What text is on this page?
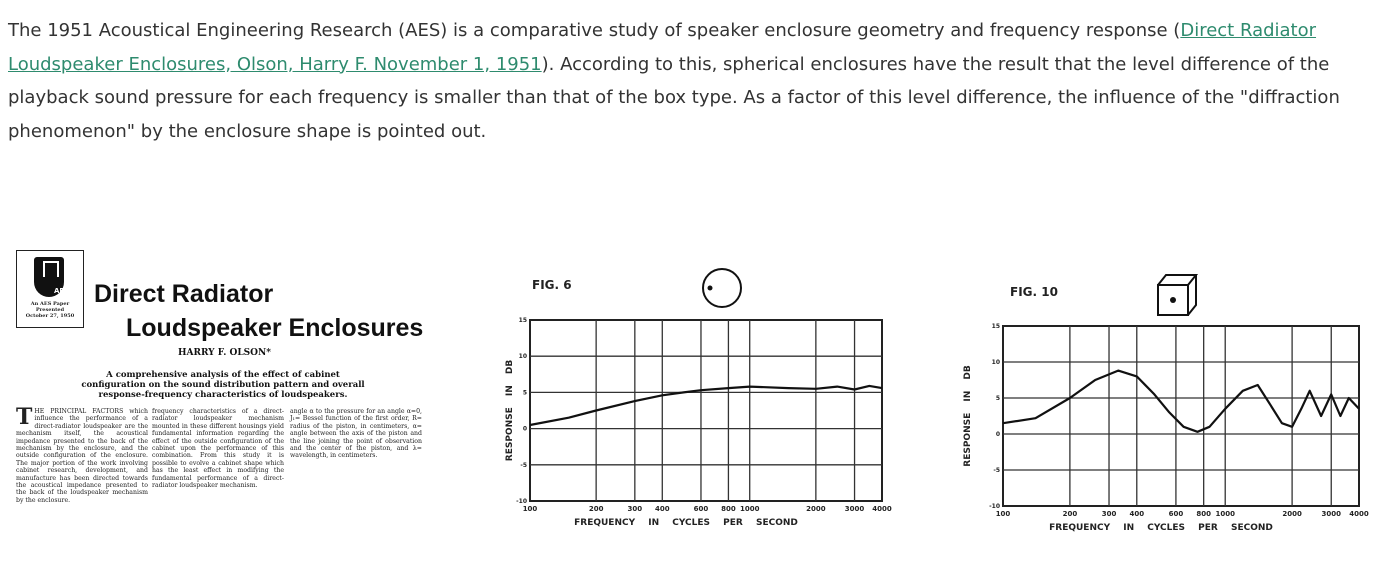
The 1951 Acoustical Engineering Research (AES) is a comparative study of speaker enclosure geometry and frequency response (Direct Radiator Loudspeaker Enclosures, Olson, Harry F. November 1, 1951). According to this, spherical enclosures have the result that the level difference of the playback sound pressure for each frequency is smaller than that of the box type. As a factor of this level difference, the influence of the "diffraction phenomenon" by the enclosure shape is pointed out.

AES
An AES Paper
Presented
October 27, 1950
Direct Radiator
Loudspeaker Enclosures
HARRY F. OLSON*
A comprehensive analysis of the effect of cabinet configuration on the sound distribution pattern and overall response-frequency characteristics of loudspeakers.
THE PRINCIPAL FACTORS which influence the performance of a direct-radiator loudspeaker are the mechanism itself, the acoustical impedance presented to the back of the mechanism by the enclosure, and the outside configuration of the enclosure. The major portion of the work involving cabinet research, development, and manufacture has been directed towards the acoustical impedance presented to the back of the loudspeaker mechanism by the enclosure.
frequency characteristics of a direct-radiator loudspeaker mechanism mounted in these different housings yield fundamental information regarding the effect of the outside configuration of the cabinet upon the performance of this combination. From this study it is possible to evolve a cabinet shape which has the least effect in modifying the fundamental performance of a direct-radiator loudspeaker mechanism.
angle α to the pressure for an angle α=0, J₁= Bessel function of the first order, R= radius of the piston, in centimeters, α= angle between the axis of the piston and the line joining the point of observation and the center of the piston, and λ= wavelength, in centimeters.
FIG. 6
100	200	300 400	600 800 1000	2000	3000 4000
-10
-5
0
5
10
15
FREQUENCY IN CYCLES PER SECOND
RESPONSE IN DB
FIG. 10
100	200	300 400	600 800 1000	2000	3000 4000
-10
-5
0
5
10
15
FREQUENCY IN CYCLES PER SECOND
RESPONSE IN DB
